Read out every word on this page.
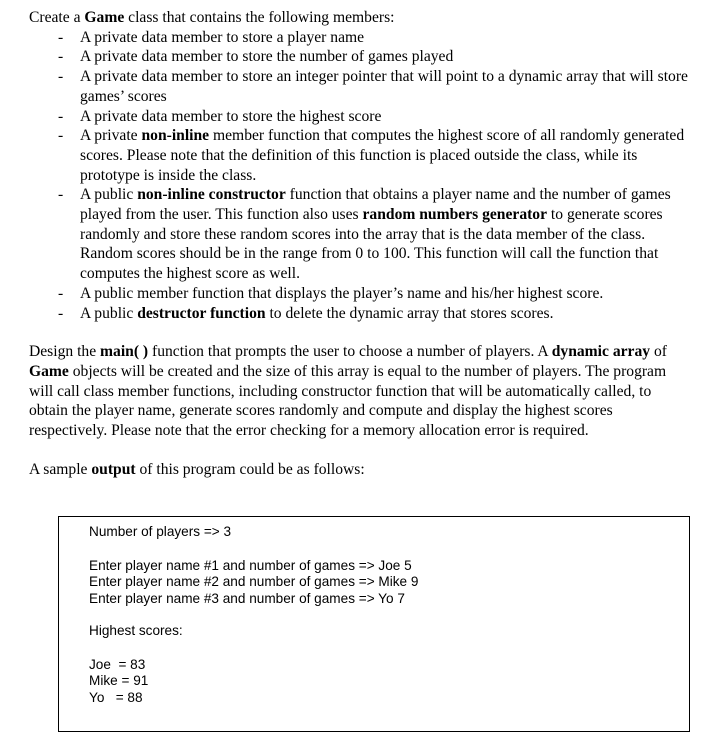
Create a Game class that contains the following members:

- A private data member to store a player name
- A private data member to store the number of games played
- A private data member to store an integer pointer that will point to a dynamic array that will store games’ scores
- A private data member to store the highest score
- A private non-inline member function that computes the highest score of all randomly generated scores. Please note that the definition of this function is placed outside the class, while its prototype is inside the class.
- A public non-inline constructor function that obtains a player name and the number of games played from the user. This function also uses random numbers generator to generate scores randomly and store these random scores into the array that is the data member of the class. Random scores should be in the range from 0 to 100. This function will call the function that computes the highest score as well.
- A public member function that displays the player’s name and his/her highest score.
- A public destructor function to delete the dynamic array that stores scores.

Design the main( ) function that prompts the user to choose a number of players. A dynamic array of Game objects will be created and the size of this array is equal to the number of players. The program will call class member functions, including constructor function that will be automatically called, to obtain the player name, generate scores randomly and compute and display the highest scores respectively. Please note that the error checking for a memory allocation error is required.

A sample output of this program could be as follows:

Number of players => 3
Enter player name #1 and number of games => Joe 5
Enter player name #2 and number of games => Mike 9
Enter player name #3 and number of games => Yo 7
Highest scores:
Joe  = 83
Mike = 91
Yo   = 88
